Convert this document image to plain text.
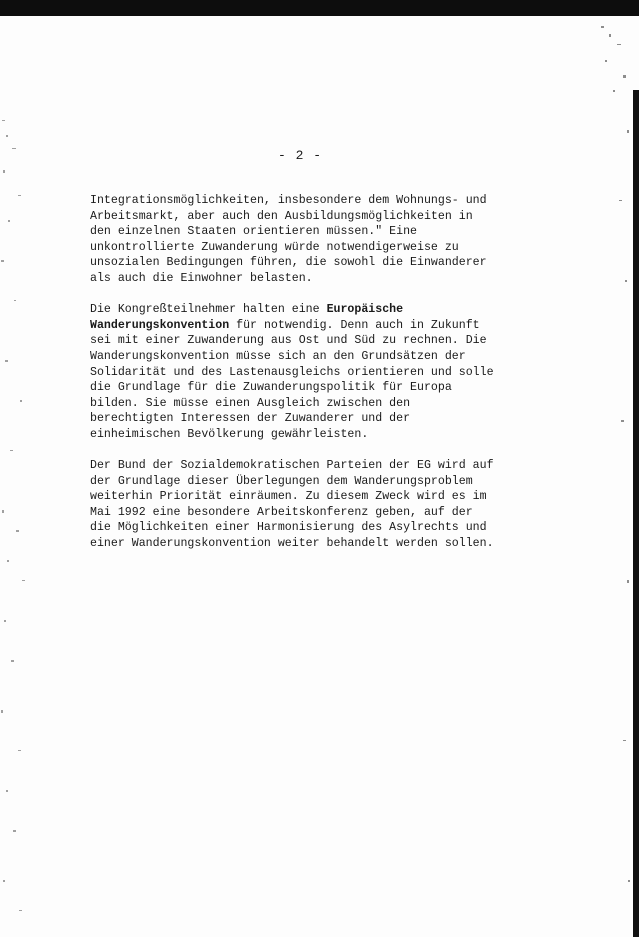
- 2 -
Integrationsmöglichkeiten, insbesondere dem Wohnungs- und
Arbeitsmarkt, aber auch den Ausbildungsmöglichkeiten in
den einzelnen Staaten orientieren müssen." Eine
unkontrollierte Zuwanderung würde notwendigerweise zu
unsozialen Bedingungen führen, die sowohl die Einwanderer
als auch die Einwohner belasten.
Die Kongreßteilnehmer halten eine Europäische
Wanderungskonvention für notwendig. Denn auch in Zukunft
sei mit einer Zuwanderung aus Ost und Süd zu rechnen. Die
Wanderungskonvention müsse sich an den Grundsätzen der
Solidarität und des Lastenausgleichs orientieren und solle
die Grundlage für die Zuwanderungspolitik für Europa
bilden. Sie müsse einen Ausgleich zwischen den
berechtigten Interessen der Zuwanderer und der
einheimischen Bevölkerung gewährleisten.
Der Bund der Sozialdemokratischen Parteien der EG wird auf
der Grundlage dieser Überlegungen dem Wanderungsproblem
weiterhin Priorität einräumen. Zu diesem Zweck wird es im
Mai 1992 eine besondere Arbeitskonferenz geben, auf der
die Möglichkeiten einer Harmonisierung des Asylrechts und
einer Wanderungskonvention weiter behandelt werden sollen.
